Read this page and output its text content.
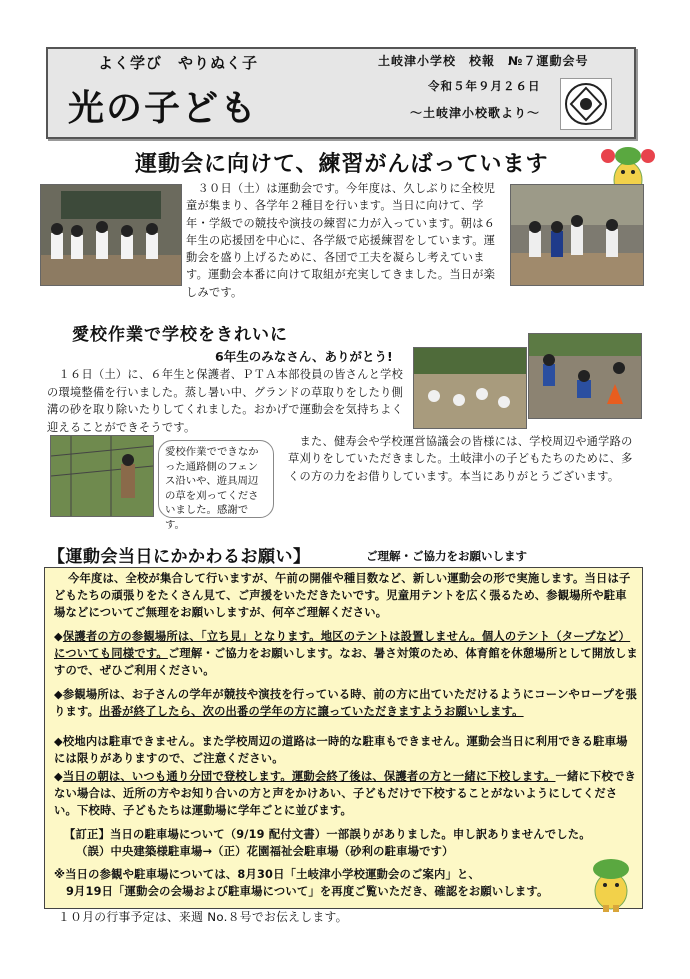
よく学び　やりぬく子
光の子ども
土岐津小学校　校報　№７運動会号
令和５年９月２６日
～土岐津小校歌より～
運動会に向けて、練習がんばっています
　３０日（土）は運動会です。今年度は、久しぶりに全校児童が集まり、各学年２種目を行います。当日に向けて、学年・学級での競技や演技の練習に力が入っています。朝は６年生の応援団を中心に、各学級で応援練習をしています。運動会を盛り上げるために、各団で工夫を凝らし考えています。運動会本番に向けて取組が充実してきました。当日が楽しみです。
愛校作業で学校をきれいに
6年生のみなさん、ありがとう!
　１６日（土）に、６年生と保護者、ＰＴＡ本部役員の皆さんと学校の環境整備を行いました。蒸し暑い中、グランドの草取りをしたり側溝の砂を取り除いたりしてくれました。おかげで運動会を気持ちよく迎えることができそうです。
愛校作業でできなかった通路側のフェンス沿いや、遊具周辺の草を刈ってくださいました。感謝です。
　また、健寿会や学校運営協議会の皆様には、学校周辺や通学路の草刈りをしていただきました。土岐津小の子どもたちのために、多くの方の力をお借りしています。本当にありがとうございます。
【運動会当日にかかわるお願い】	ご理解・ご協力をお願いします
今年度は、全校が集合して行いますが、午前の開催や種目数など、新しい運動会の形で実施します。当日は子どもたちの頑張りをたくさん見て、ご声援をいただきたいです。児童用テントを広く張るため、参観場所や駐車場などについてご無理をお願いしますが、何卒ご理解ください。
◆保護者の方の参観場所は、「立ち見」となります。地区のテントは設置しません。個人のテント（タープなど）についても同様です。ご理解・ご協力をお願いします。なお、暑さ対策のため、体育館を休憩場所として開放しますので、ぜひご利用ください。
◆参観場所は、お子さんの学年が競技や演技を行っている時、前の方に出ていただけるようにコーンやロープを張ります。出番が終了したら、次の出番の学年の方に譲っていただきますようお願いします。
◆校地内は駐車できません。また学校周辺の道路は一時的な駐車もできません。運動会当日に利用できる駐車場には限りがありますので、ご注意ください。
◆当日の朝は、いつも通り分団で登校します。運動会終了後は、保護者の方と一緒に下校します。一緒に下校できない場合は、近所の方やお知り合いの方と声をかけあい、子どもだけで下校することがないようにしてください。下校時、子どもたちは運動場に学年ごとに並びます。
【訂正】当日の駐車場について（9/19 配付文書）一部誤りがありました。申し訳ありませんでした。
（誤）中央建築様駐車場→（正）花園福祉会駐車場（砂利の駐車場です）
※当日の参観や駐車場については、8月30日「土岐津小学校運動会のご案内」と、
9月19日「運動会の会場および駐車場について」を再度ご覧いただき、確認をお願いします。
１０月の行事予定は、来週 No.８号でお伝えします。
